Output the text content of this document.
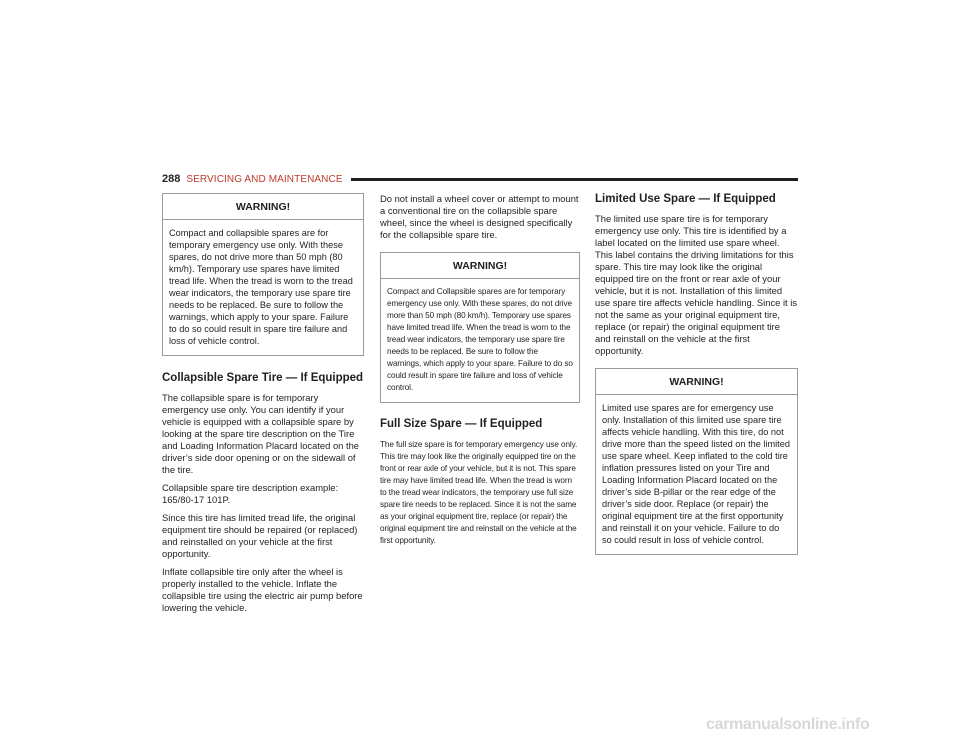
288 SERVICING AND MAINTENANCE
WARNING!
Compact and collapsible spares are for temporary emergency use only. With these spares, do not drive more than 50 mph (80 km/h). Temporary use spares have limited tread life. When the tread is worn to the tread wear indicators, the temporary use spare tire needs to be replaced. Be sure to follow the warnings, which apply to your spare. Failure to do so could result in spare tire failure and loss of vehicle control.
Collapsible Spare Tire — If Equipped

The collapsible spare is for temporary emergency use only. You can identify if your vehicle is equipped with a collapsible spare by looking at the spare tire description on the Tire and Loading Information Placard located on the driver’s side door opening or on the sidewall of the tire.

Collapsible spare tire description example: 165/80-17 101P.

Since this tire has limited tread life, the original equipment tire should be repaired (or replaced) and reinstalled on your vehicle at the first opportunity.

Inflate collapsible tire only after the wheel is properly installed to the vehicle. Inflate the collapsible tire using the electric air pump before lowering the vehicle.

Do not install a wheel cover or attempt to mount a conventional tire on the collapsible spare wheel, since the wheel is designed specifically for the collapsible spare tire.

WARNING!
Compact and Collapsible spares are for temporary emergency use only. With these spares, do not drive more than 50 mph (80 km/h). Temporary use spares have limited tread life. When the tread is worn to the tread wear indicators, the temporary use spare tire needs to be replaced. Be sure to follow the warnings, which apply to your spare. Failure to do so could result in spare tire failure and loss of vehicle control.
Full Size Spare — If Equipped

The full size spare is for temporary emergency use only. This tire may look like the originally equipped tire on the front or rear axle of your vehicle, but it is not. This spare tire may have limited tread life. When the tread is worn to the tread wear indicators, the temporary use full size spare tire needs to be replaced. Since it is not the same as your original equipment tire, replace (or repair) the original equipment tire and reinstall on the vehicle at the first opportunity.

Limited Use Spare — If Equipped

The limited use spare tire is for temporary emergency use only. This tire is identified by a label located on the limited use spare wheel. This label contains the driving limitations for this spare. This tire may look like the original equipped tire on the front or rear axle of your vehicle, but it is not. Installation of this limited use spare tire affects vehicle handling. Since it is not the same as your original equipment tire, replace (or repair) the original equipment tire and reinstall on the vehicle at the first opportunity.

WARNING!
Limited use spares are for emergency use only. Installation of this limited use spare tire affects vehicle handling. With this tire, do not drive more than the speed listed on the limited use spare wheel. Keep inflated to the cold tire inflation pressures listed on your Tire and Loading Information Placard located on the driver’s side B-pillar or the rear edge of the driver’s side door. Replace (or repair) the original equipment tire at the first opportunity and reinstall it on your vehicle. Failure to do so could result in loss of vehicle control.
carmanualsonline.info
